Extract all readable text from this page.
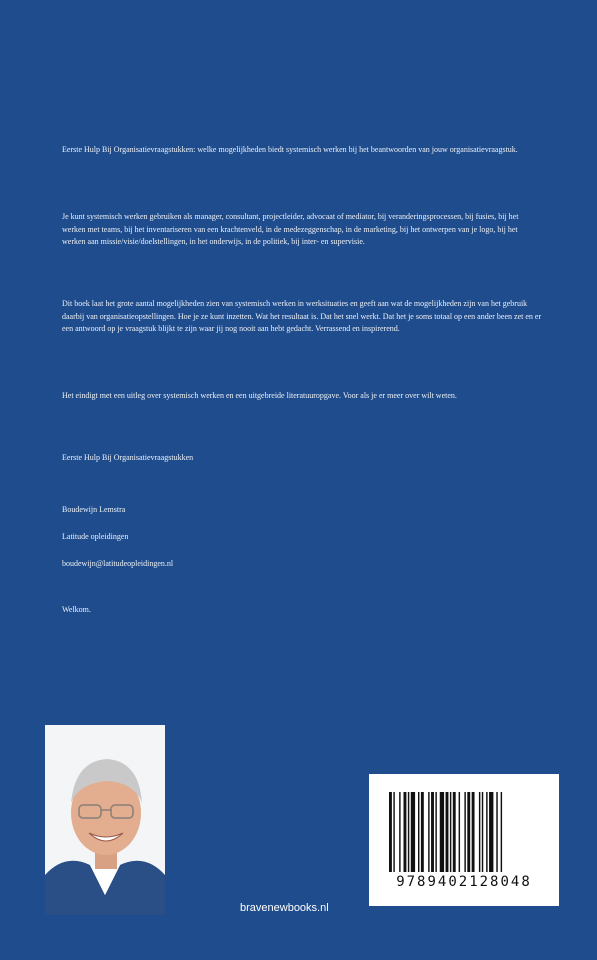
Eerste Hulp Bij Organisatievraagstukken: welke mogelijkheden biedt systemisch werken bij het beantwoorden van jouw organisatievraagstuk.
Je kunt systemisch werken gebruiken als manager, consultant, projectleider, advocaat of mediator, bij veranderingsprocessen, bij fusies, bij het werken met teams, bij het inventariseren van een krachtenveld, in de medezeggenschap, in de marketing, bij het ontwerpen van je logo, bij het werken aan missie/visie/doelstellingen, in het onderwijs, in de politiek, bij inter- en supervisie.
Dit boek laat het grote aantal mogelijkheden zien van systemisch werken in werksituaties en geeft aan wat de mogelijkheden zijn van het gebruik daarbij van organisatieopstellingen. Hoe je ze kunt inzetten. Wat het resultaat is. Dat het snel werkt. Dat het je soms totaal op een ander been zet en er een antwoord op je vraagstuk blijkt te zijn waar jij nog nooit aan hebt gedacht. Verrassend en inspirerend.
Het eindigt met een uitleg over systemisch werken en een uitgebreide literatuuropgave. Voor als je er meer over wilt weten.
Eerste Hulp Bij Organisatievraagstukken
Boudewijn Lemstra
Latitude opleidingen
boudewijn@latitudeopleidingen.nl
Welkom.
9789402128048
bravenewbooks.nl
